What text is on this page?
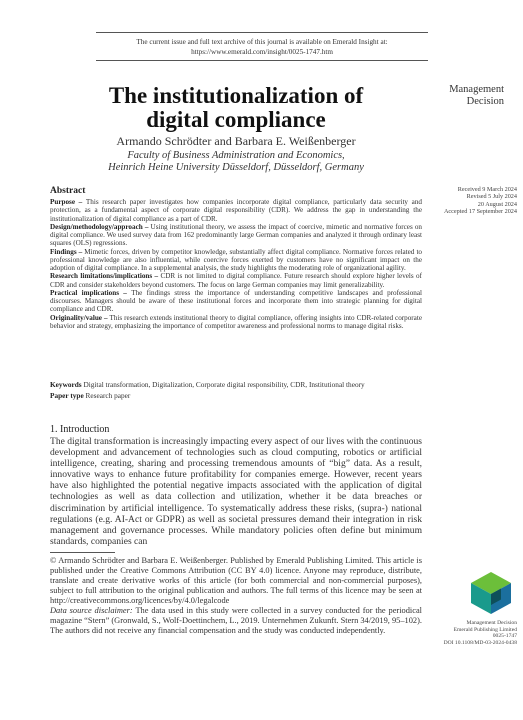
The current issue and full text archive of this journal is available on Emerald Insight at:
https://www.emerald.com/insight/0025-1747.htm
Management
Decision
The institutionalization of
digital compliance
Armando Schrödter and Barbara E. Weißenberger
Faculty of Business Administration and Economics,
Heinrich Heine University Düsseldorf, Düsseldorf, Germany
Received 9 March 2024
Revised 5 July 2024
20 August 2024
Accepted 17 September 2024
Abstract

Purpose – This research paper investigates how companies incorporate digital compliance, particularly data security and protection, as a fundamental aspect of corporate digital responsibility (CDR). We address the gap in understanding the institutionalization of digital compliance as a part of CDR.

Design/methodology/approach – Using institutional theory, we assess the impact of coercive, mimetic and normative forces on digital compliance. We used survey data from 162 predominantly large German companies and analyzed it through ordinary least squares (OLS) regressions.

Findings – Mimetic forces, driven by competitor knowledge, substantially affect digital compliance. Normative forces related to professional knowledge are also influential, while coercive forces exerted by customers have no significant impact on the adoption of digital compliance. In a supplemental analysis, the study highlights the moderating role of organizational agility.

Research limitations/implications – CDR is not limited to digital compliance. Future research should explore higher levels of CDR and consider stakeholders beyond customers. The focus on large German companies may limit generalizability.

Practical implications – The findings stress the importance of understanding competitive landscapes and professional discourses. Managers should be aware of these institutional forces and incorporate them into strategic planning for digital compliance and CDR.

Originality/value – This research extends institutional theory to digital compliance, offering insights into CDR-related corporate behavior and strategy, emphasizing the importance of competitor awareness and professional norms to manage digital risks.

Keywords Digital transformation, Digitalization, Corporate digital responsibility, CDR, Institutional theory
Paper type Research paper
1. Introduction
The digital transformation is increasingly impacting every aspect of our lives with the continuous development and advancement of technologies such as cloud computing, robotics or artificial intelligence, creating, sharing and processing tremendous amounts of “big” data. As a result, innovative ways to enhance future profitability for companies emerge. However, recent years have also highlighted the potential negative impacts associated with the application of digital technologies as well as data collection and utilization, whether it be data breaches or discrimination by artificial intelligence. To systematically address these risks, (supra-) national regulations (e.g. AI-Act or GDPR) as well as societal pressures demand their integration in risk management and governance processes. While mandatory policies often define but minimum standards, companies can

© Armando Schrödter and Barbara E. Weißenberger. Published by Emerald Publishing Limited. This article is published under the Creative Commons Attribution (CC BY 4.0) licence. Anyone may reproduce, distribute, translate and create derivative works of this article (for both commercial and non-commercial purposes), subject to full attribution to the original publication and authors. The full terms of this licence may be seen at http://creativecommons.org/licences/by/4.0/legalcode

Data source disclaimer: The data used in this study were collected in a survey conducted for the periodical magazine “Stern” (Gronwald, S., Wolf-Doettinchem, L., 2019. Unternehmen Zukunft. Stern 34/2019, 95–102). The authors did not receive any financial compensation and the study was conducted independently.

Management Decision
Emerald Publishing Limited
0025-1747
DOI 10.1108/MD-03-2024-0438
